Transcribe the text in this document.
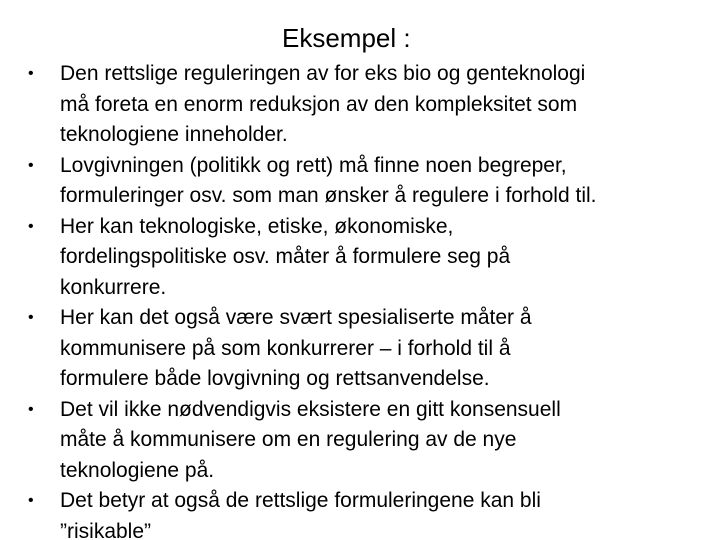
Eksempel :
• Den rettslige reguleringen av for eks bio og genteknologi
må foreta en enorm reduksjon av den kompleksitet som
teknologiene inneholder.
• Lovgivningen (politikk og rett) må finne noen begreper,
formuleringer osv. som man ønsker å regulere i forhold til.
• Her kan teknologiske, etiske, økonomiske,
fordelingspolitiske osv. måter å formulere seg på
konkurrere.
• Her kan det også være svært spesialiserte måter å
kommunisere på som konkurrerer – i forhold til å
formulere både lovgivning og rettsanvendelse.
• Det vil ikke nødvendigvis eksistere en gitt konsensuell
måte å kommunisere om en regulering av de nye
teknologiene på.
• Det betyr at også de rettslige formuleringene kan bli
”risikable”
